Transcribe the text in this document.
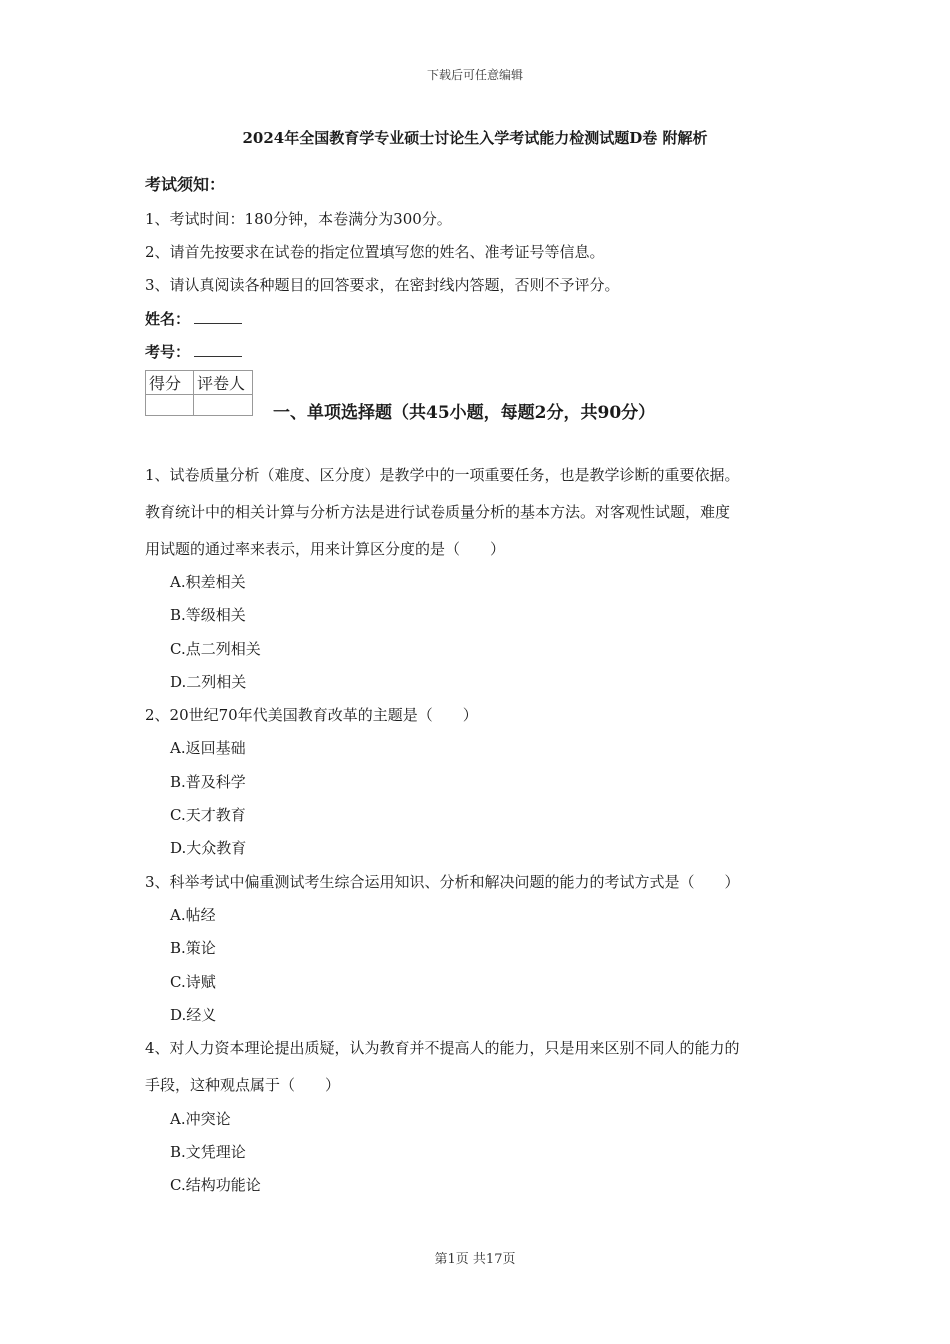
下载后可任意编辑
2024年全国教育学专业硕士讨论生入学考试能力检测试题D卷 附解析
考试须知：
1、考试时间：180分钟，本卷满分为300分。
2、请首先按要求在试卷的指定位置填写您的姓名、准考证号等信息。
3、请认真阅读各种题目的回答要求，在密封线内答题，否则不予评分。
姓名：
考号：
得分	评卷人

一、单项选择题（共45小题，每题2分，共90分）
1、试卷质量分析（难度、区分度）是教学中的一项重要任务，也是教学诊断的重要依据。
教育统计中的相关计算与分析方法是进行试卷质量分析的基本方法。对客观性试题，难度
用试题的通过率来表示，用来计算区分度的是（　　）
A.积差相关
B.等级相关
C.点二列相关
D.二列相关
2、20世纪70年代美国教育改革的主题是（　　）
A.返回基础
B.普及科学
C.天才教育
D.大众教育
3、科举考试中偏重测试考生综合运用知识、分析和解决问题的能力的考试方式是（　　）
A.帖经
B.策论
C.诗赋
D.经义
4、对人力资本理论提出质疑，认为教育并不提高人的能力，只是用来区别不同人的能力的
手段，这种观点属于（　　）
A.冲突论
B.文凭理论
C.结构功能论
第1页 共17页
